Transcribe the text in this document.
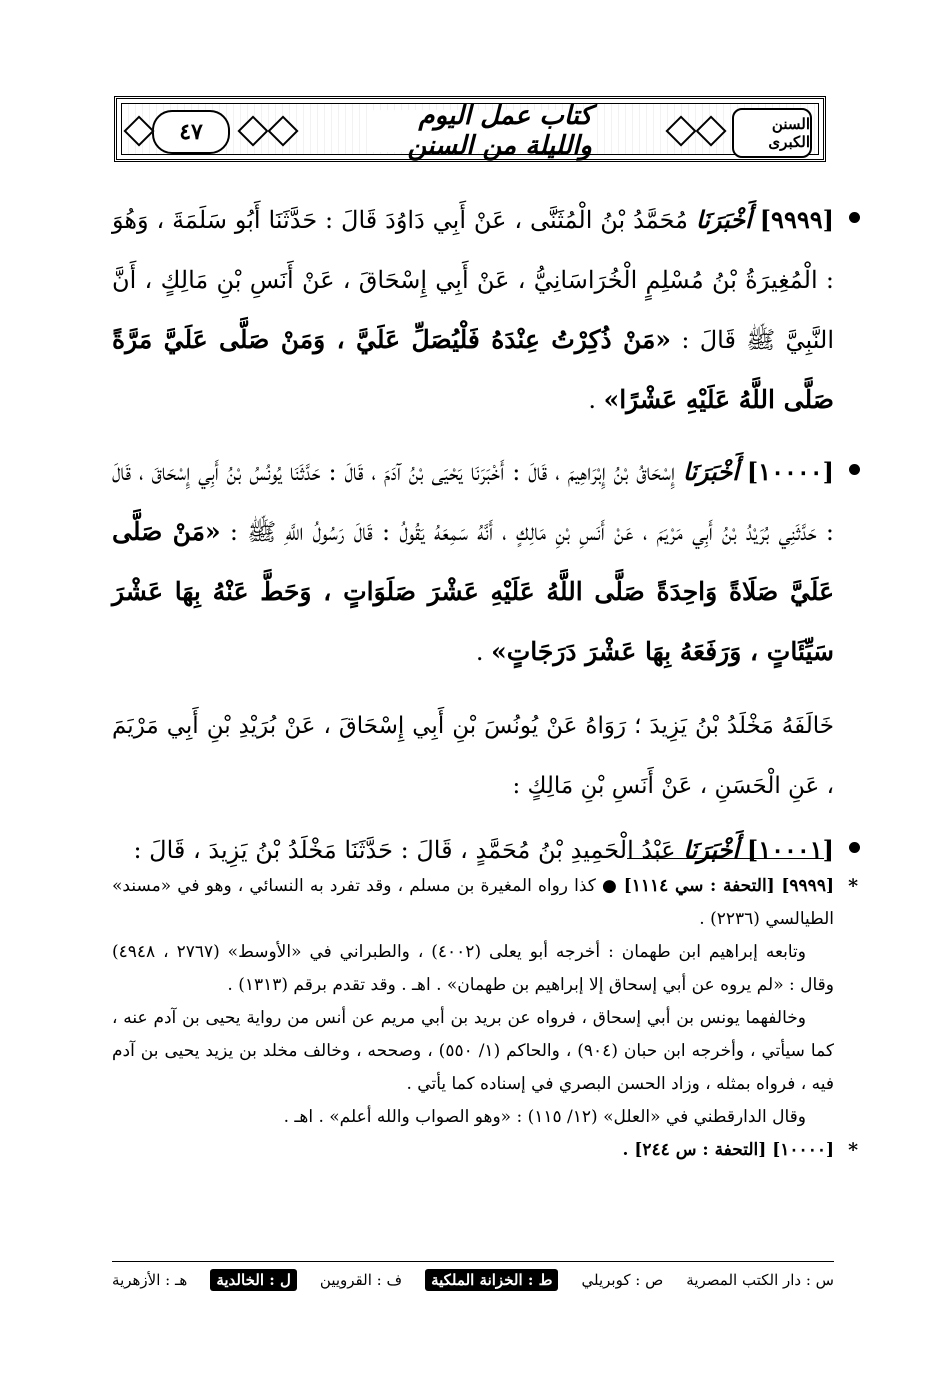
السنن الكبرى
كتاب عمل اليوم والليلة من السنن
٤٧
[٩٩٩٩] أَخْبَرَنَا مُحَمَّدُ بْنُ الْمُثَنَّى ، عَنْ أَبِي دَاوُدَ قَالَ : حَدَّثَنَا أَبُو سَلَمَةَ ، وَهُوَ : الْمُغِيرَةُ بْنُ مُسْلِمٍ الْخُرَاسَانِيُّ ، عَنْ أَبِي إِسْحَاقَ ، عَنْ أَنَسِ بْنِ مَالِكٍ ، أَنَّ النَّبِيَّ ﷺ قَالَ : «مَنْ ذُكِرْتُ عِنْدَهُ فَلْيُصَلِّ عَلَيَّ ، وَمَنْ صَلَّى عَلَيَّ مَرَّةً صَلَّى اللَّهُ عَلَيْهِ عَشْرًا» .
[١٠٠٠٠] أَخْبَرَنَا إِسْحَاقُ بْنُ إِبْرَاهِيمَ ، قَالَ : أَخْبَرَنَا يَحْيَى بْنُ آدَمَ ، قَالَ : حَدَّثَنَا يُونُسُ بْنُ أَبِي إِسْحَاقَ ، قَالَ : حَدَّثَنِي بُرَيْدُ بْنُ أَبِي مَرْيَمَ ، عَنْ أَنَسِ بْنِ مَالِكٍ ، أَنَّهُ سَمِعَهُ يَقُولُ : قَالَ رَسُولُ اللَّهِ ﷺ : «مَنْ صَلَّى عَلَيَّ صَلَاةً وَاحِدَةً صَلَّى اللَّهُ عَلَيْهِ عَشْرَ صَلَوَاتٍ ، وَحَطَّ عَنْهُ بِهَا عَشْرَ سَيِّئَاتٍ ، وَرَفَعَهُ بِهَا عَشْرَ دَرَجَاتٍ» .
خَالَفَهُ مَخْلَدُ بْنُ يَزِيدَ ؛ رَوَاهُ عَنْ يُونُسَ بْنِ أَبِي إِسْحَاقَ ، عَنْ بُرَيْدِ بْنِ أَبِي مَرْيَمَ ، عَنِ الْحَسَنِ ، عَنْ أَنَسِ بْنِ مَالِكٍ :
[١٠٠٠١] أَخْبَرَنَا عَبْدُ الْحَمِيدِ بْنُ مُحَمَّدٍ ، قَالَ : حَدَّثَنَا مَخْلَدُ بْنُ يَزِيدَ ، قَالَ :
*
[٩٩٩٩] [التحفة : سي ١١١٤] ● كذا رواه المغيرة بن مسلم ، وقد تفرد به النسائي ، وهو في «مسند» الطيالسي (٢٢٣٦) .
وتابعه إبراهيم ابن طهمان : أخرجه أبو يعلى (٤٠٠٢) ، والطبراني في «الأوسط» (٢٧٦٧ ، ٤٩٤٨) وقال : «لم يروه عن أبي إسحاق إلا إبراهيم بن طهمان» . اهـ . وقد تقدم برقم (١٣١٣) .
وخالفهما يونس بن أبي إسحاق ، فرواه عن بريد بن أبي مريم عن أنس من رواية يحيى بن آدم عنه ، كما سيأتي ، وأخرجه ابن حبان (٩٠٤) ، والحاكم (١/ ٥٥٠) ، وصححه ، وخالف مخلد بن يزيد يحيى بن آدم فيه ، فرواه بمثله ، وزاد الحسن البصري في إسناده كما يأتي .
وقال الدارقطني في «العلل» (١٢/ ١١٥) : «وهو الصواب والله أعلم» . اهـ .
*
[١٠٠٠٠] [التحفة : س ٢٤٤] .
س : دار الكتب المصرية
ص : كوبريلي
ط : الخزانة الملكية
ف : القرويين
ل : الخالدية
هـ : الأزهرية
